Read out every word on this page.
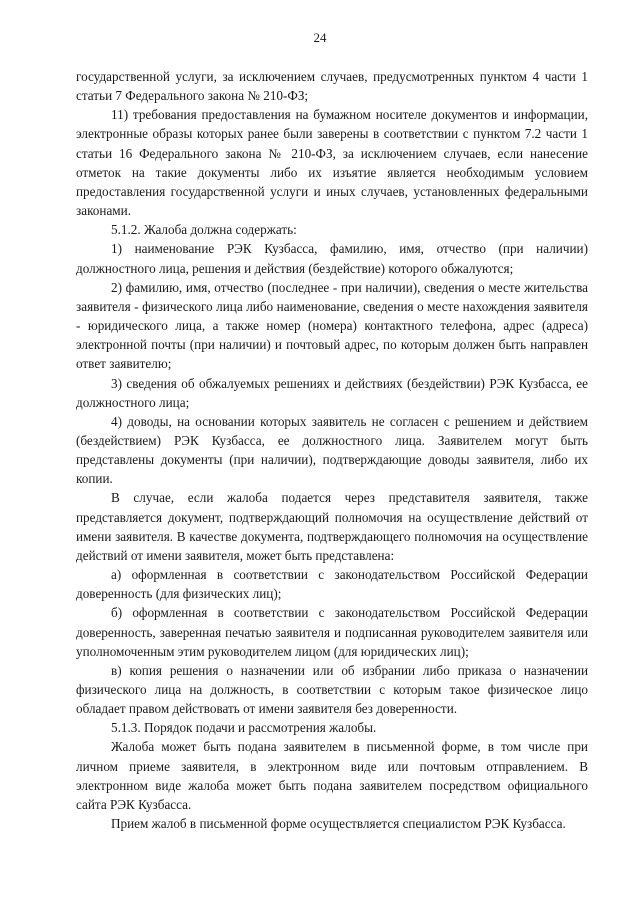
24

государственной услуги, за исключением случаев, предусмотренных пунктом 4 части 1 статьи 7 Федерального закона № 210-ФЗ;

11) требования предоставления на бумажном носителе документов и информации, электронные образы которых ранее были заверены в соответствии с пунктом 7.2 части 1 статьи 16 Федерального закона № 210-ФЗ, за исключением случаев, если нанесение отметок на такие документы либо их изъятие является необходимым условием предоставления государственной услуги и иных случаев, установленных федеральными законами.

5.1.2. Жалоба должна содержать:

1) наименование РЭК Кузбасса, фамилию, имя, отчество (при наличии) должностного лица, решения и действия (бездействие) которого обжалуются;

2) фамилию, имя, отчество (последнее - при наличии), сведения о месте жительства заявителя - физического лица либо наименование, сведения о месте нахождения заявителя - юридического лица, а также номер (номера) контактного телефона, адрес (адреса) электронной почты (при наличии) и почтовый адрес, по которым должен быть направлен ответ заявителю;

3) сведения об обжалуемых решениях и действиях (бездействии) РЭК Кузбасса, ее должностного лица;

4) доводы, на основании которых заявитель не согласен с решением и действием (бездействием) РЭК Кузбасса, ее должностного лица. Заявителем могут быть представлены документы (при наличии), подтверждающие доводы заявителя, либо их копии.

В случае, если жалоба подается через представителя заявителя, также представляется документ, подтверждающий полномочия на осуществление действий от имени заявителя. В качестве документа, подтверждающего полномочия на осуществление действий от имени заявителя, может быть представлена:

а) оформленная в соответствии с законодательством Российской Федерации доверенность (для физических лиц);

б) оформленная в соответствии с законодательством Российской Федерации доверенность, заверенная печатью заявителя и подписанная руководителем заявителя или уполномоченным этим руководителем лицом (для юридических лиц);

в) копия решения о назначении или об избрании либо приказа о назначении физического лица на должность, в соответствии с которым такое физическое лицо обладает правом действовать от имени заявителя без доверенности.

5.1.3. Порядок подачи и рассмотрения жалобы.

Жалоба может быть подана заявителем в письменной форме, в том числе при личном приеме заявителя, в электронном виде или почтовым отправлением. В электронном виде жалоба может быть подана заявителем посредством официального сайта РЭК Кузбасса.

Прием жалоб в письменной форме осуществляется специалистом РЭК Кузбасса.
